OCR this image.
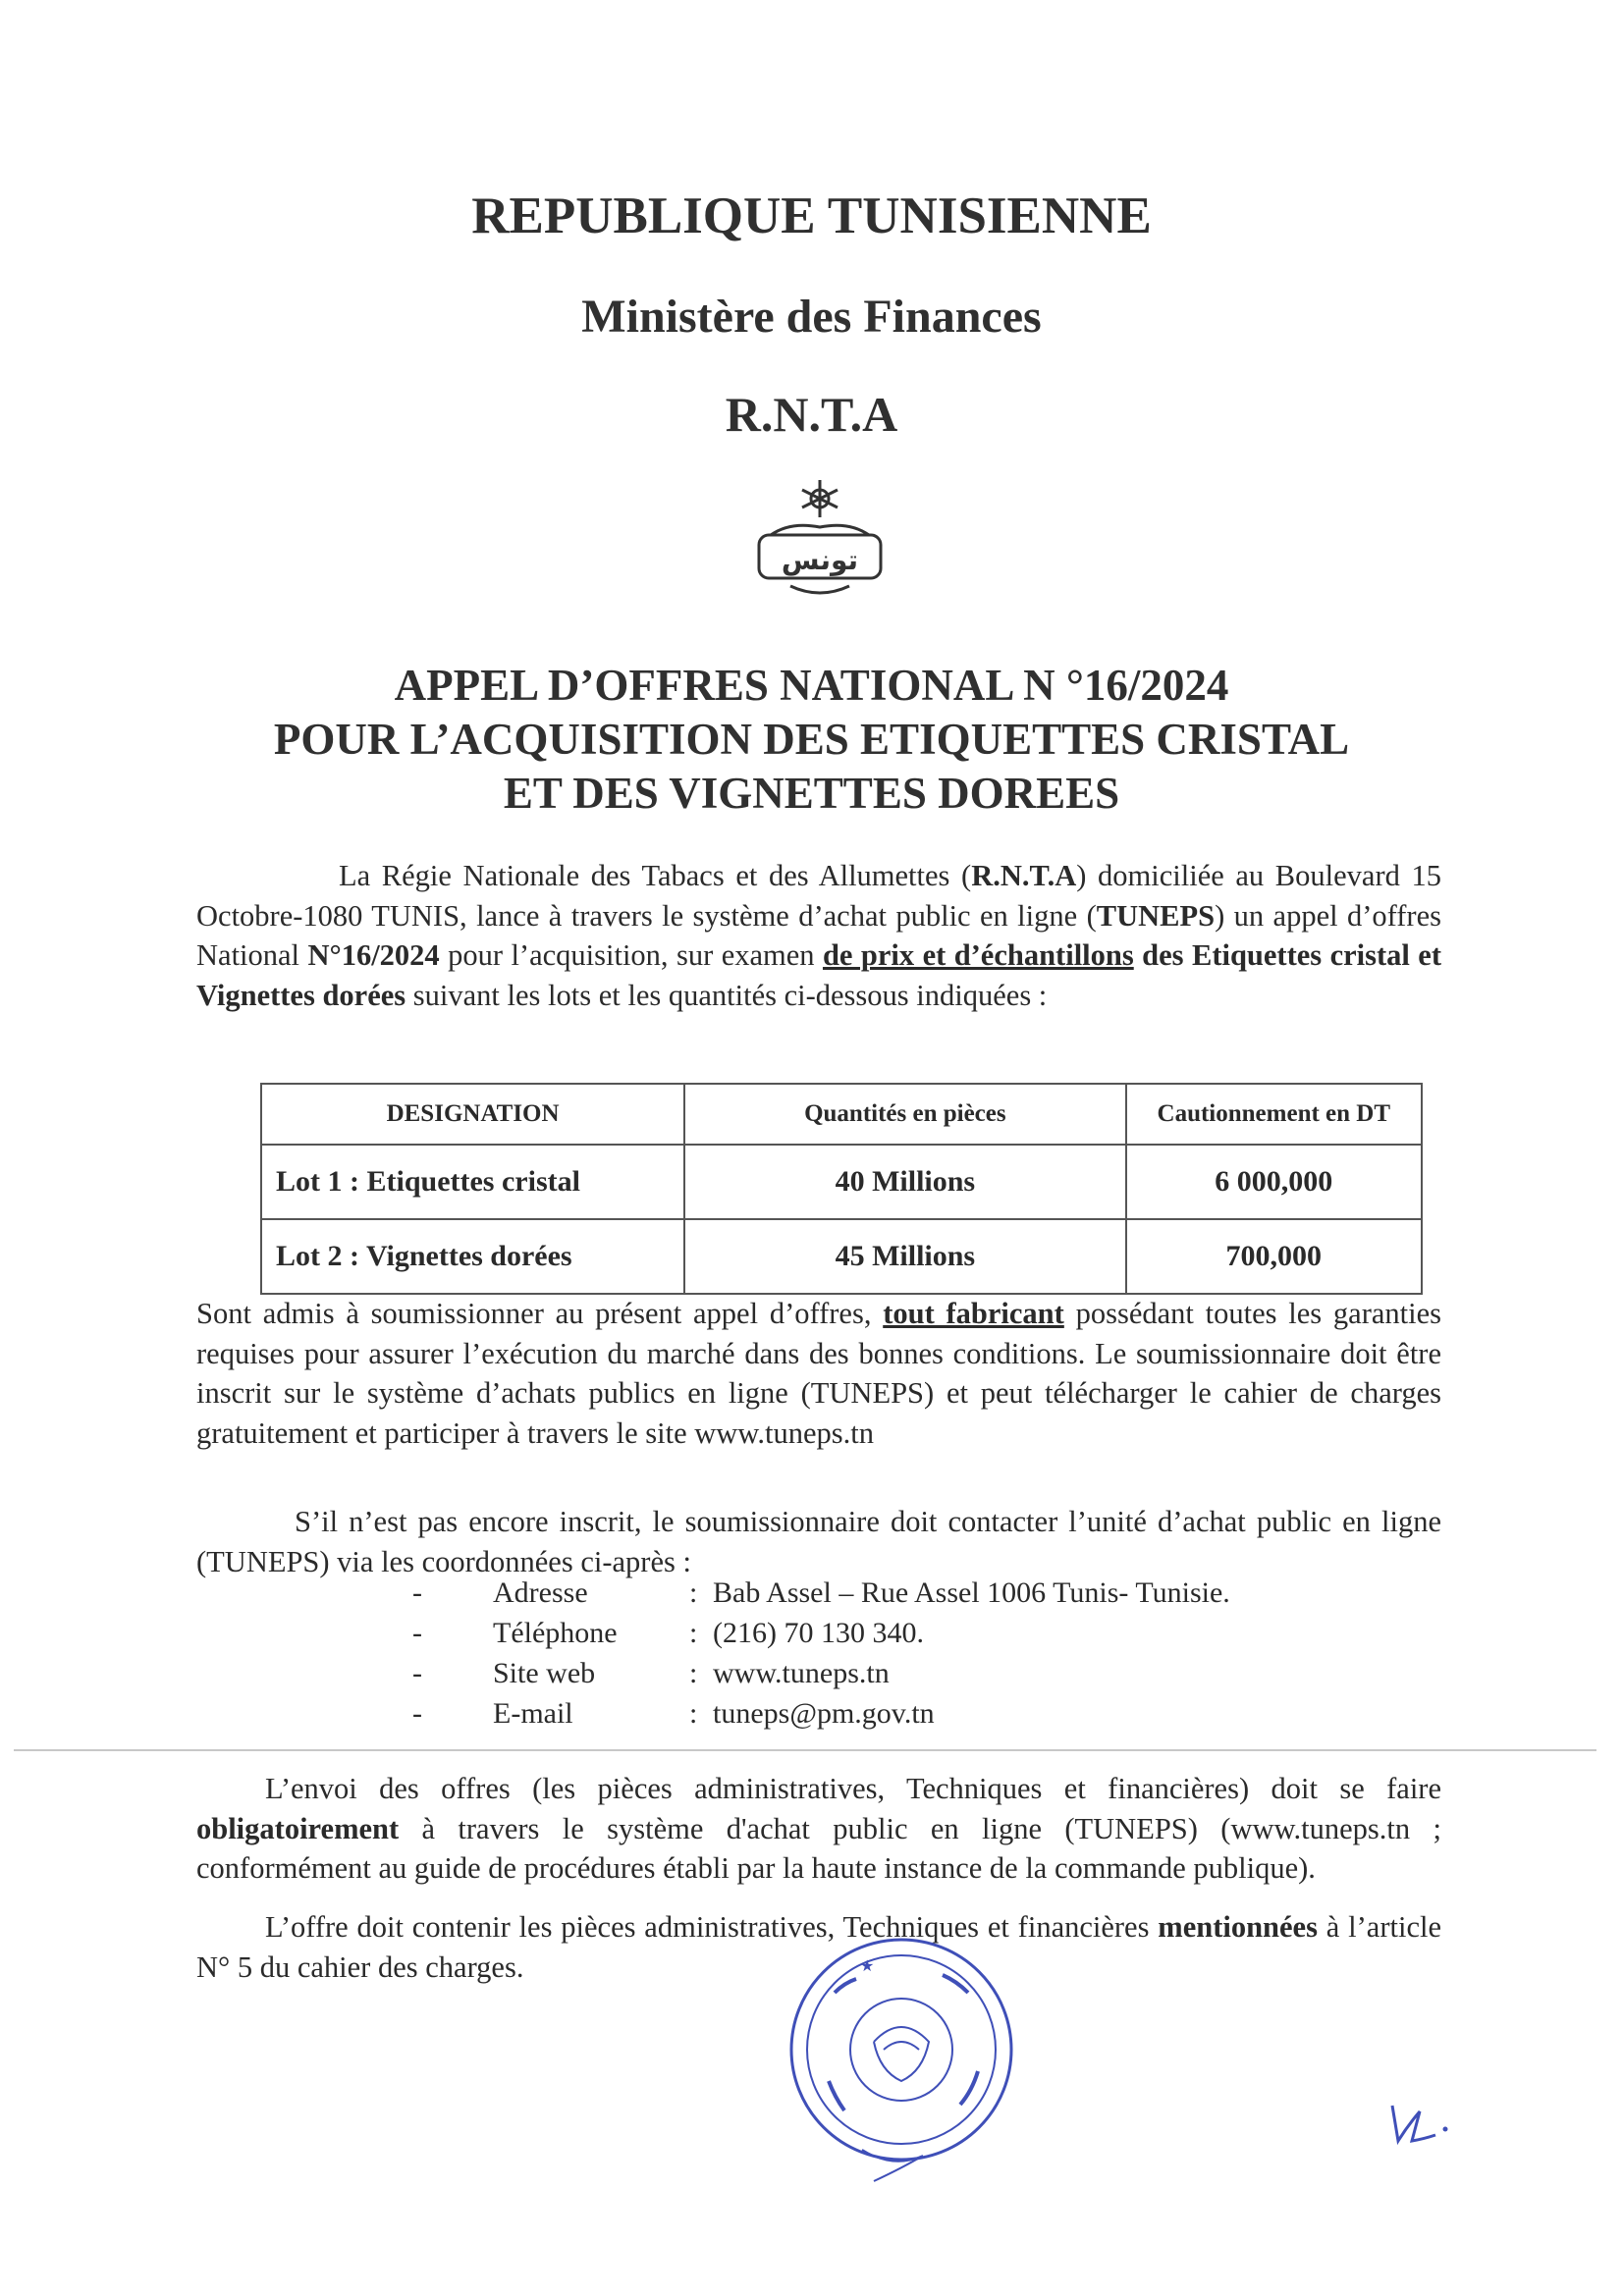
REPUBLIQUE TUNISIENNE
Ministère des Finances
R.N.T.A
تونس
APPEL D’OFFRES NATIONAL N °16/2024
POUR L’ACQUISITION DES ETIQUETTES CRISTAL
ET DES VIGNETTES DOREES
La Régie Nationale des Tabacs et des Allumettes (R.N.T.A) domiciliée au Boulevard 15 Octobre-1080 TUNIS, lance à travers le système d’achat public en ligne (TUNEPS) un appel d’offres National N°16/2024 pour l’acquisition, sur examen de prix et d’échantillons des Etiquettes cristal et Vignettes dorées suivant les lots et les quantités ci-dessous indiquées :
DESIGNATION	Quantités en pièces	Cautionnement en DT
Lot 1 : Etiquettes cristal	40 Millions	6 000,000
Lot 2 : Vignettes dorées	45 Millions	700,000
Sont admis à soumissionner au présent appel d’offres, tout fabricant possédant toutes les garanties requises pour assurer l’exécution du marché dans des bonnes conditions. Le soumissionnaire doit être inscrit sur le système d’achats publics en ligne (TUNEPS) et peut télécharger le cahier de charges gratuitement et participer à travers le site www.tuneps.tn
S’il n’est pas encore inscrit, le soumissionnaire doit contacter l’unité d’achat public en ligne (TUNEPS) via les coordonnées ci-après :
- Adresse	: Bab Assel – Rue Assel 1006 Tunis- Tunisie.
- Téléphone : (216) 70 130 340.
- Site web	: www.tuneps.tn
- E-mail	: tuneps@pm.gov.tn
L’envoi des offres (les pièces administratives, Techniques et financières) doit se faire obligatoirement à travers le système d'achat public en ligne (TUNEPS) (www.tuneps.tn ; conformément au guide de procédures établi par la haute instance de la commande publique).
L’offre doit contenir les pièces administratives, Techniques et financières mentionnées à l’article N° 5 du cahier des charges.	★
